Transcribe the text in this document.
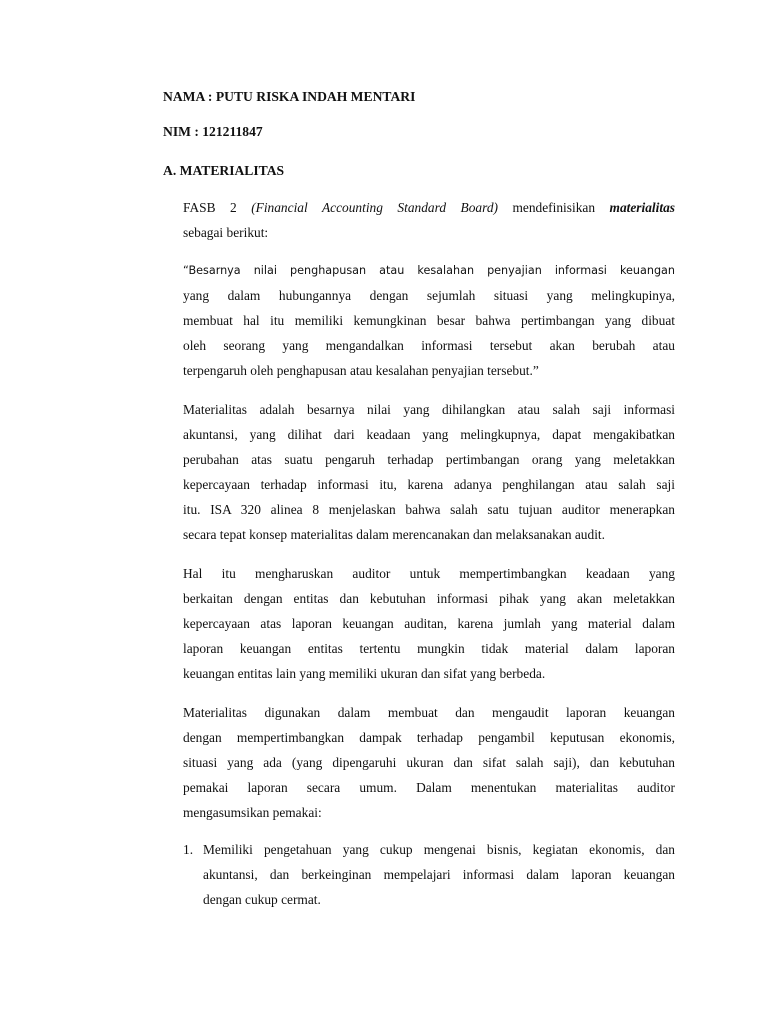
NAMA : PUTU RISKA INDAH MENTARI
NIM : 121211847
A. MATERIALITAS
FASB 2 (Financial Accounting Standard Board) mendefinisikan materialitas
sebagai berikut:
“Besarnya nilai penghapusan atau kesalahan penyajian informasi keuangan
yang dalam hubungannya dengan sejumlah situasi yang melingkupinya,
membuat hal itu memiliki kemungkinan besar bahwa pertimbangan yang dibuat
oleh seorang yang mengandalkan informasi tersebut akan berubah atau
terpengaruh oleh penghapusan atau kesalahan penyajian tersebut.”
Materialitas adalah besarnya nilai yang dihilangkan atau salah saji informasi
akuntansi, yang dilihat dari keadaan yang melingkupnya, dapat mengakibatkan
perubahan atas suatu pengaruh terhadap pertimbangan orang yang meletakkan
kepercayaan terhadap informasi itu, karena adanya penghilangan atau salah saji
itu. ISA 320 alinea 8 menjelaskan bahwa salah satu tujuan auditor menerapkan
secara tepat konsep materialitas dalam merencanakan dan melaksanakan audit.
Hal itu mengharuskan auditor untuk mempertimbangkan keadaan yang
berkaitan dengan entitas dan kebutuhan informasi pihak yang akan meletakkan
kepercayaan atas laporan keuangan auditan, karena jumlah yang material dalam
laporan keuangan entitas tertentu mungkin tidak material dalam laporan
keuangan entitas lain yang memiliki ukuran dan sifat yang berbeda.
Materialitas digunakan dalam membuat dan mengaudit laporan keuangan
dengan mempertimbangkan dampak terhadap pengambil keputusan ekonomis,
situasi yang ada (yang dipengaruhi ukuran dan sifat salah saji), dan kebutuhan
pemakai laporan secara umum. Dalam menentukan materialitas auditor
mengasumsikan pemakai:
1. Memiliki pengetahuan yang cukup mengenai bisnis, kegiatan ekonomis, dan
akuntansi, dan berkeinginan mempelajari informasi dalam laporan keuangan
dengan cukup cermat.
